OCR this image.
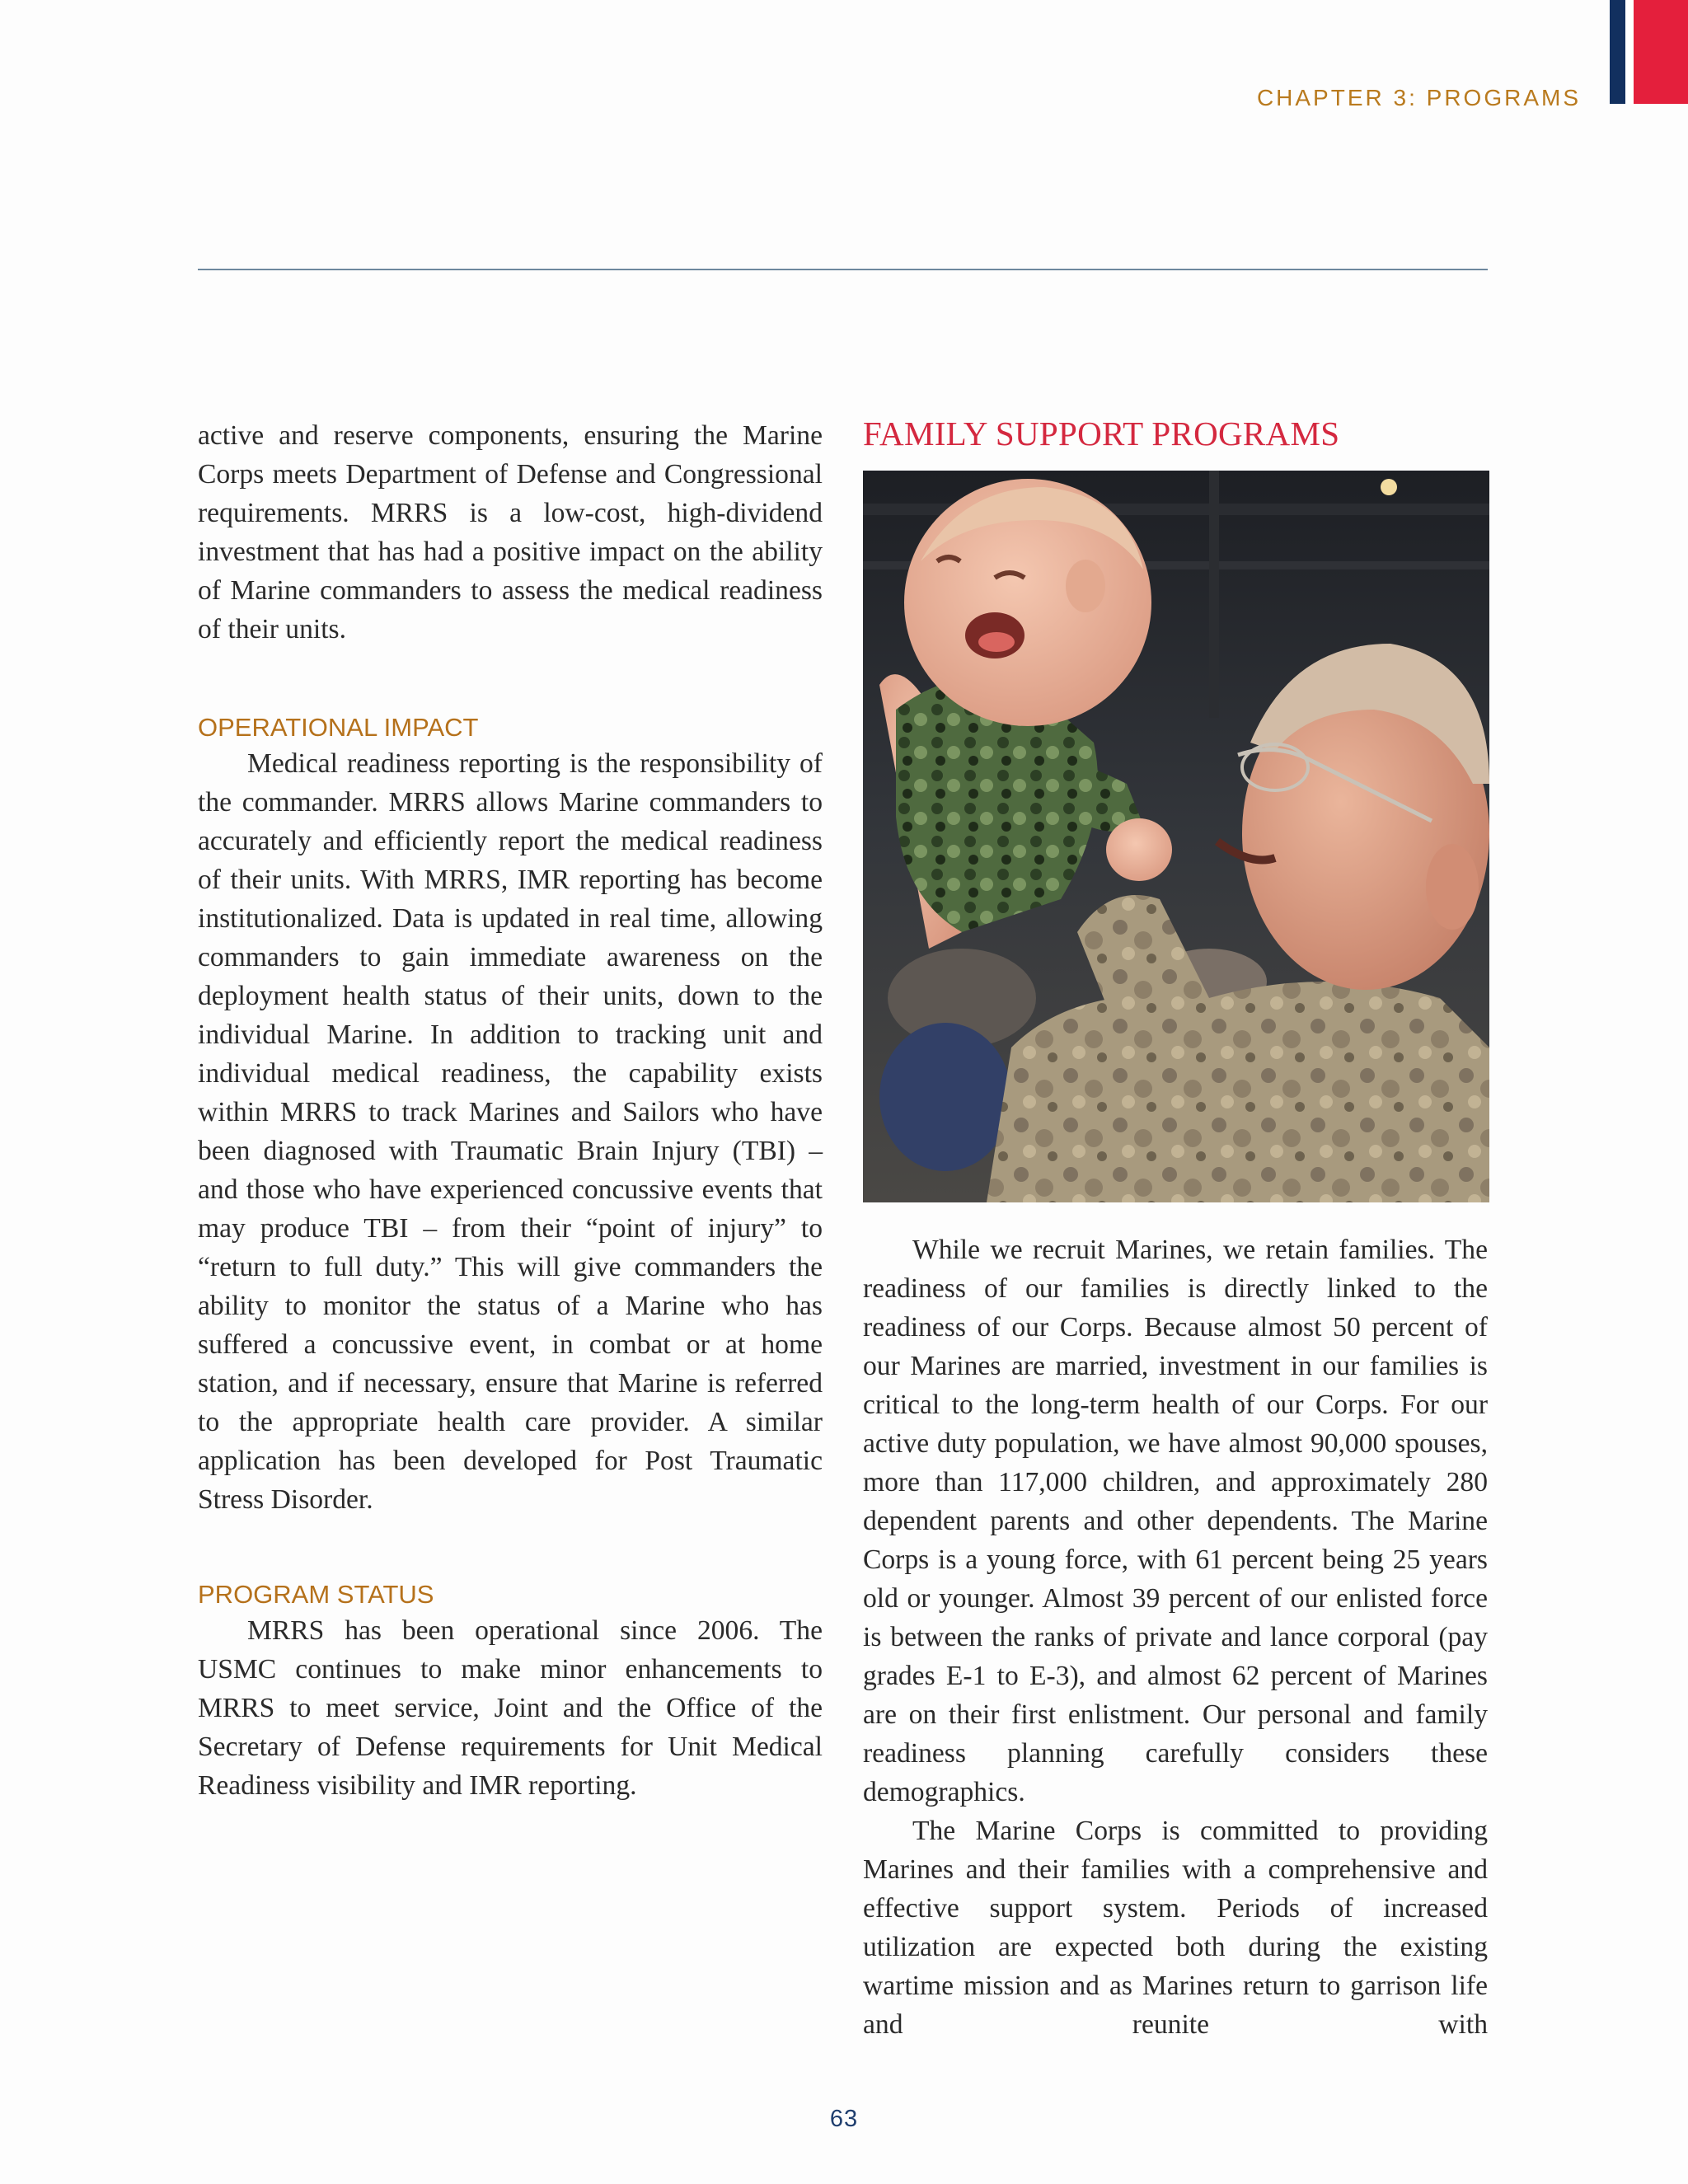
CHAPTER 3: PROGRAMS

active and reserve components, ensuring the Marine Corps meets Department of Defense and Congressional requirements. MRRS is a low-cost, high-dividend investment that has had a positive impact on the ability of Marine commanders to assess the medical readiness of their units.

OPERATIONAL IMPACT

Medical readiness reporting is the responsibility of the commander. MRRS allows Marine commanders to accurately and efficiently report the medical readiness of their units. With MRRS, IMR reporting has become institutionalized. Data is updated in real time, allowing commanders to gain immediate awareness on the deployment health status of their units, down to the individual Marine. In addition to tracking unit and individual medical readiness, the capability exists within MRRS to track Marines and Sailors who have been diagnosed with Traumatic Brain Injury (TBI) – and those who have experienced concussive events that may produce TBI – from their “point of injury” to “return to full duty.” This will give commanders the ability to monitor the status of a Marine who has suffered a concussive event, in combat or at home station, and if necessary, ensure that Marine is referred to the appropriate health care provider. A similar application has been developed for Post Traumatic Stress Disorder.

PROGRAM STATUS

MRRS has been operational since 2006. The USMC continues to make minor enhancements to MRRS to meet service, Joint and the Office of the Secretary of Defense requirements for Unit Medical Readiness visibility and IMR reporting.

FAMILY SUPPORT PROGRAMS

While we recruit Marines, we retain families. The readiness of our families is directly linked to the readiness of our Corps. Because almost 50 percent of our Marines are married, investment in our families is critical to the long-term health of our Corps. For our active duty population, we have almost 90,000 spouses, more than 117,000 children, and approximately 280 dependent parents and other dependents. The Marine Corps is a young force, with 61 percent being 25 years old or younger. Almost 39 percent of our enlisted force is between the ranks of private and lance corporal (pay grades E-1 to E-3), and almost 62 percent of Marines are on their first enlistment. Our personal and family readiness planning carefully considers these demographics.

The Marine Corps is committed to providing Marines and their families with a comprehensive and effective support system. Periods of increased utilization are expected both during the existing wartime mission and as Marines return to garrison life and reunite with

63
